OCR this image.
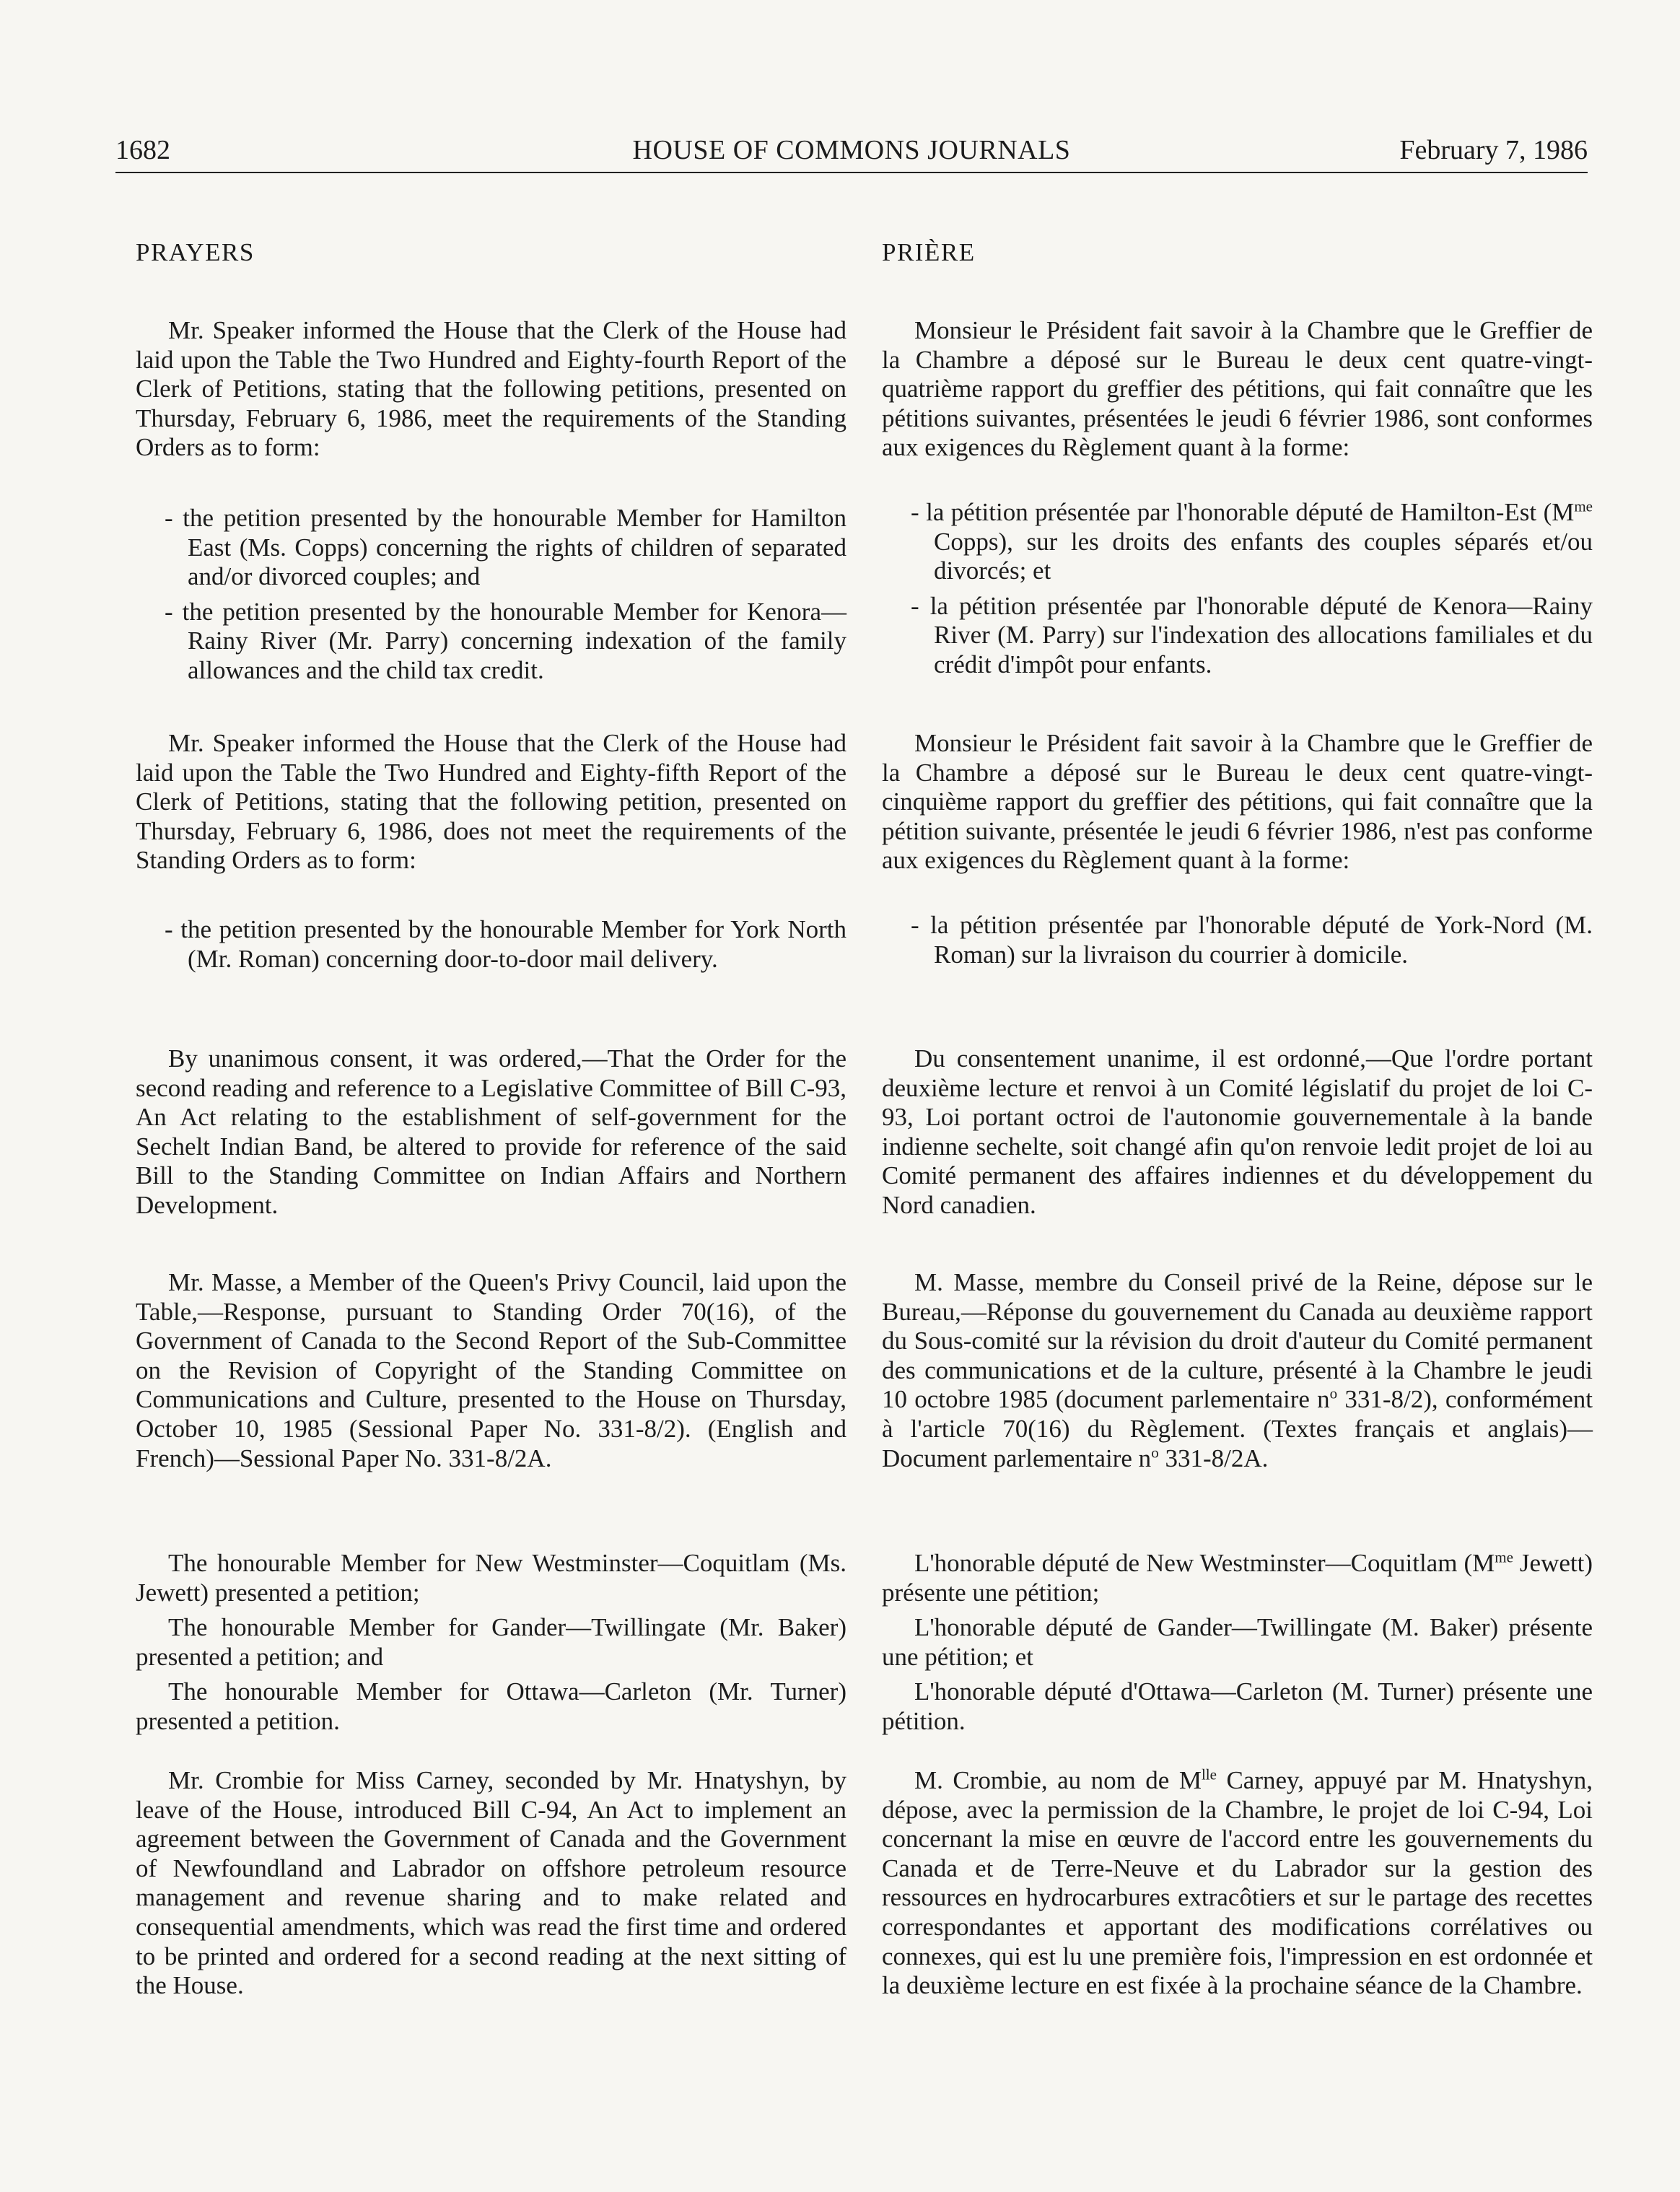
1682	HOUSE OF COMMONS JOURNALS	February 7, 1986
PRAYERS

Mr. Speaker informed the House that the Clerk of the House had laid upon the Table the Two Hundred and Eighty-fourth Report of the Clerk of Petitions, stating that the following petitions, presented on Thursday, February 6, 1986, meet the requirements of the Standing Orders as to form:

- the petition presented by the honourable Member for Hamilton East (Ms. Copps) concerning the rights of children of separated and/or divorced couples; and

- the petition presented by the honourable Member for Kenora—Rainy River (Mr. Parry) concerning indexation of the family allowances and the child tax credit.

Mr. Speaker informed the House that the Clerk of the House had laid upon the Table the Two Hundred and Eighty-fifth Report of the Clerk of Petitions, stating that the following petition, presented on Thursday, February 6, 1986, does not meet the requirements of the Standing Orders as to form:

- the petition presented by the honourable Member for York North (Mr. Roman) concerning door-to-door mail delivery.

By unanimous consent, it was ordered,—That the Order for the second reading and reference to a Legislative Committee of Bill C-93, An Act relating to the establishment of self-government for the Sechelt Indian Band, be altered to provide for reference of the said Bill to the Standing Committee on Indian Affairs and Northern Development.

Mr. Masse, a Member of the Queen's Privy Council, laid upon the Table,—Response, pursuant to Standing Order 70(16), of the Government of Canada to the Second Report of the Sub-Committee on the Revision of Copyright of the Standing Committee on Communications and Culture, presented to the House on Thursday, October 10, 1985 (Sessional Paper No. 331-8/2). (English and French)—Sessional Paper No. 331-8/2A.

The honourable Member for New Westminster—Coquitlam (Ms. Jewett) presented a petition;

The honourable Member for Gander—Twillingate (Mr. Baker) presented a petition; and

The honourable Member for Ottawa—Carleton (Mr. Turner) presented a petition.

Mr. Crombie for Miss Carney, seconded by Mr. Hnatyshyn, by leave of the House, introduced Bill C-94, An Act to implement an agreement between the Government of Canada and the Government of Newfoundland and Labrador on offshore petroleum resource management and revenue sharing and to make related and consequential amendments, which was read the first time and ordered to be printed and ordered for a second reading at the next sitting of the House.

PRIÈRE

Monsieur le Président fait savoir à la Chambre que le Greffier de la Chambre a déposé sur le Bureau le deux cent quatre-vingt-quatrième rapport du greffier des pétitions, qui fait connaître que les pétitions suivantes, présentées le jeudi 6 février 1986, sont conformes aux exigences du Règlement quant à la forme:

- la pétition présentée par l'honorable député de Hamilton-Est ($M^{me}$ Copps), sur les droits des enfants des couples séparés et/ou divorcés; et

- la pétition présentée par l'honorable député de Kenora—Rainy River (M. Parry) sur l'indexation des allocations familiales et du crédit d'impôt pour enfants.

Monsieur le Président fait savoir à la Chambre que le Greffier de la Chambre a déposé sur le Bureau le deux cent quatre-vingt-cinquième rapport du greffier des pétitions, qui fait connaître que la pétition suivante, présentée le jeudi 6 février 1986, n'est pas conforme aux exigences du Règlement quant à la forme:

- la pétition présentée par l'honorable député de York-Nord (M. Roman) sur la livraison du courrier à domicile.

Du consentement unanime, il est ordonné,—Que l'ordre portant deuxième lecture et renvoi à un Comité législatif du projet de loi C-93, Loi portant octroi de l'autonomie gouvernementale à la bande indienne sechelte, soit changé afin qu'on renvoie ledit projet de loi au Comité permanent des affaires indiennes et du développement du Nord canadien.

M. Masse, membre du Conseil privé de la Reine, dépose sur le Bureau,—Réponse du gouvernement du Canada au deuxième rapport du Sous-comité sur la révision du droit d'auteur du Comité permanent des communications et de la culture, présenté à la Chambre le jeudi 10 octobre 1985 (document parlementaire $n^o$ 331-8/2), conformément à l'article 70(16) du Règlement. (Textes français et anglais)—Document parlementaire $n^o$ 331-8/2A.

L'honorable député de New Westminster—Coquitlam ($M^{me}$ Jewett) présente une pétition;

L'honorable député de Gander—Twillingate (M. Baker) présente une pétition; et

L'honorable député d'Ottawa—Carleton (M. Turner) présente une pétition.

M. Crombie, au nom de $M^{lle}$ Carney, appuyé par M. Hnatyshyn, dépose, avec la permission de la Chambre, le projet de loi C-94, Loi concernant la mise en œuvre de l'accord entre les gouvernements du Canada et de Terre-Neuve et du Labrador sur la gestion des ressources en hydrocarbures extracôtiers et sur le partage des recettes correspondantes et apportant des modifications corrélatives ou connexes, qui est lu une première fois, l'impression en est ordonnée et la deuxième lecture en est fixée à la prochaine séance de la Chambre.
